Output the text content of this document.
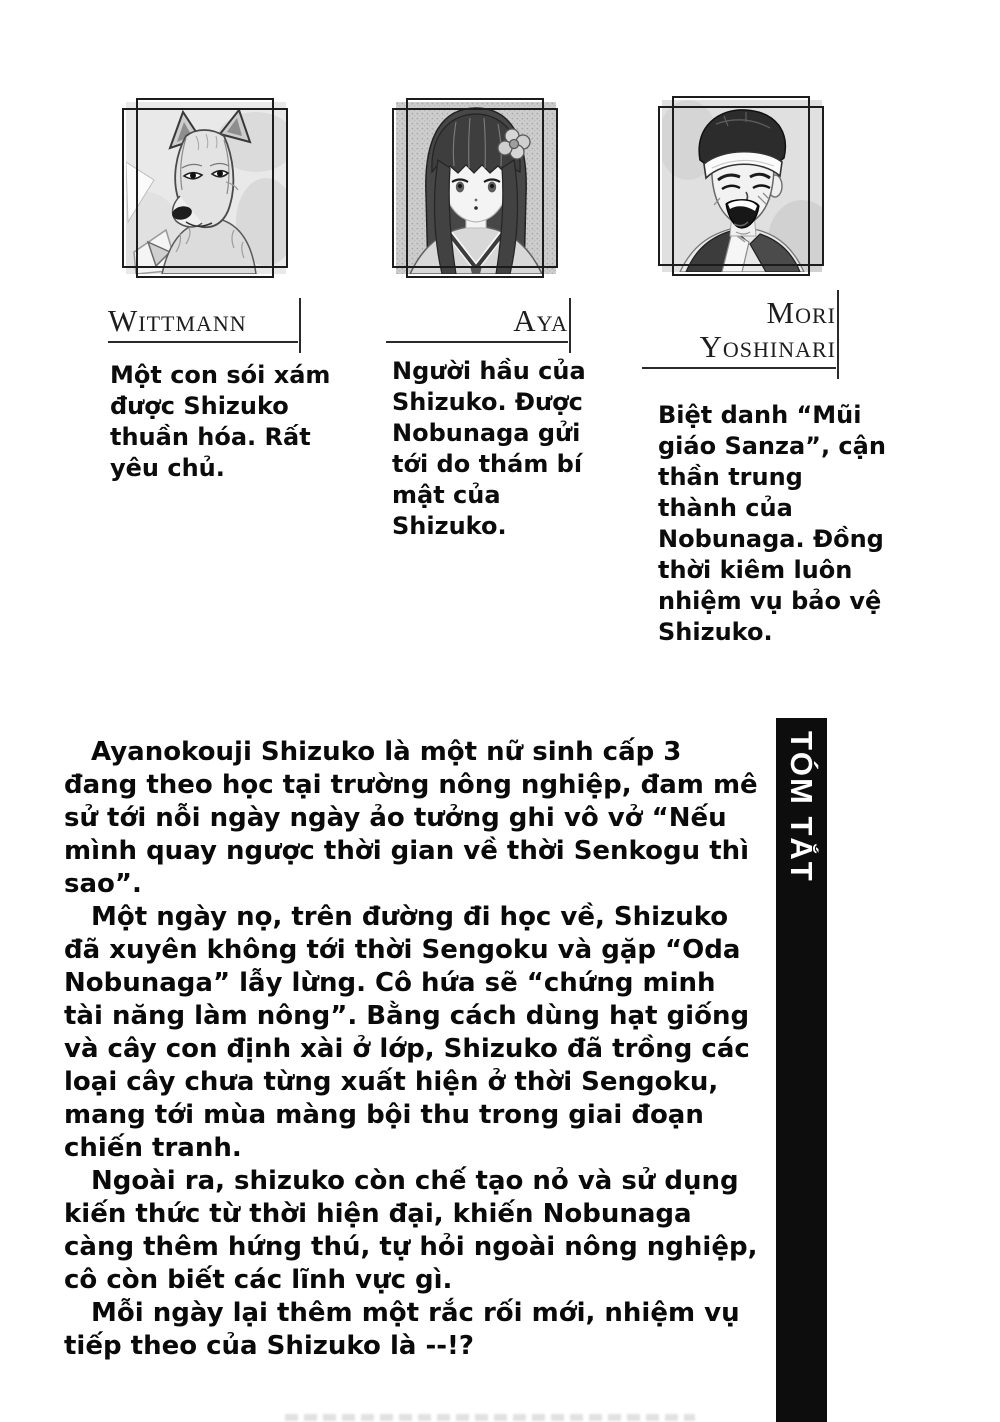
Wittmann	Aya	Mori Yoshinari
Một con sói xám được Shizuko thuần hóa. Rất yêu chủ.
Người hầu của Shizuko. Được Nobunaga gửi tới do thám bí mật của Shizuko.
Biệt danh “Mũi giáo Sanza”, cận thần trung thành của Nobunaga. Đồng thời kiêm luôn nhiệm vụ bảo vệ Shizuko.

Ayanokouji Shizuko là một nữ sinh cấp 3 đang theo học tại trường nông nghiệp, đam mê sử tới nỗi ngày ngày ảo tưởng ghi vô vở “Nếu mình quay ngược thời gian về thời Senkogu thì sao”.

Một ngày nọ, trên đường đi học về, Shizuko đã xuyên không tới thời Sengoku và gặp “Oda Nobunaga” lẫy lừng. Cô hứa sẽ “chứng minh tài năng làm nông”. Bằng cách dùng hạt giống và cây con định xài ở lớp, Shizuko đã trồng các loại cây chưa từng xuất hiện ở thời Sengoku, mang tới mùa màng bội thu trong giai đoạn chiến tranh.

Ngoài ra, shizuko còn chế tạo nỏ và sử dụng kiến thức từ thời hiện đại, khiến Nobunaga càng thêm hứng thú, tự hỏi ngoài nông nghiệp, cô còn biết các lĩnh vực gì.

Mỗi ngày lại thêm một rắc rối mới, nhiệm vụ tiếp theo của Shizuko là --!?

TÓM TẮT
